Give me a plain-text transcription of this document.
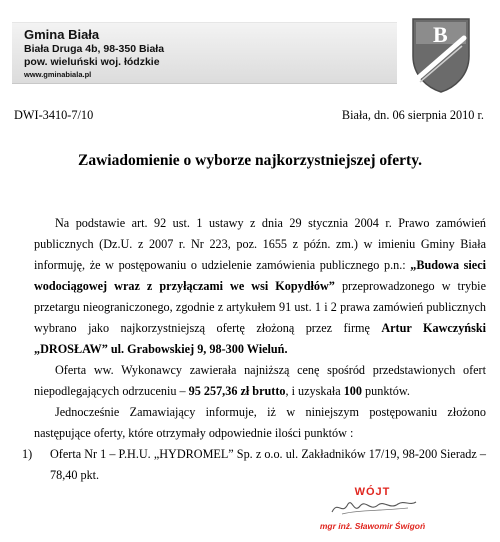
Gmina Biała
Biała Druga 4b, 98-350 Biała
pow. wieluński woj. łódzkie
www.gminabiala.pl
B
DWI-3410-7/10	Biała, dn. 06 sierpnia 2010 r.
Zawiadomienie o wyborze najkorzystniejszej oferty.

Na podstawie art. 92 ust. 1 ustawy z dnia 29 stycznia 2004 r. Prawo zamówień publicznych (Dz.U. z 2007 r. Nr 223, poz. 1655 z późn. zm.) w imieniu Gminy Biała informuję, że w postępowaniu o udzielenie zamówienia publicznego p.n.: „Budowa sieci wodociągowej wraz z przyłączami we wsi Kopydłów” przeprowadzonego w trybie przetargu nieograniczonego, zgodnie z artykułem 91 ust. 1 i 2 prawa zamówień publicznych wybrano jako najkorzystniejszą ofertę złożoną przez firmę Artur Kawczyński „DROSŁAW” ul. Grabowskiej 9, 98-300 Wieluń.

Oferta ww. Wykonawcy zawierała najniższą cenę spośród przedstawionych ofert niepodlegających odrzuceniu – 95 257,36 zł brutto, i uzyskała 100 punktów.

Jednocześnie Zamawiający informuje, iż w niniejszym postępowaniu złożono następujące oferty, które otrzymały odpowiednie ilości punktów :

1) Oferta Nr 1 – P.H.U. „HYDROMEL” Sp. z o.o. ul. Zakładników 17/19, 98-200 Sieradz – 78,40 pkt.
WÓJT
mgr inż. Sławomir Świgoń
